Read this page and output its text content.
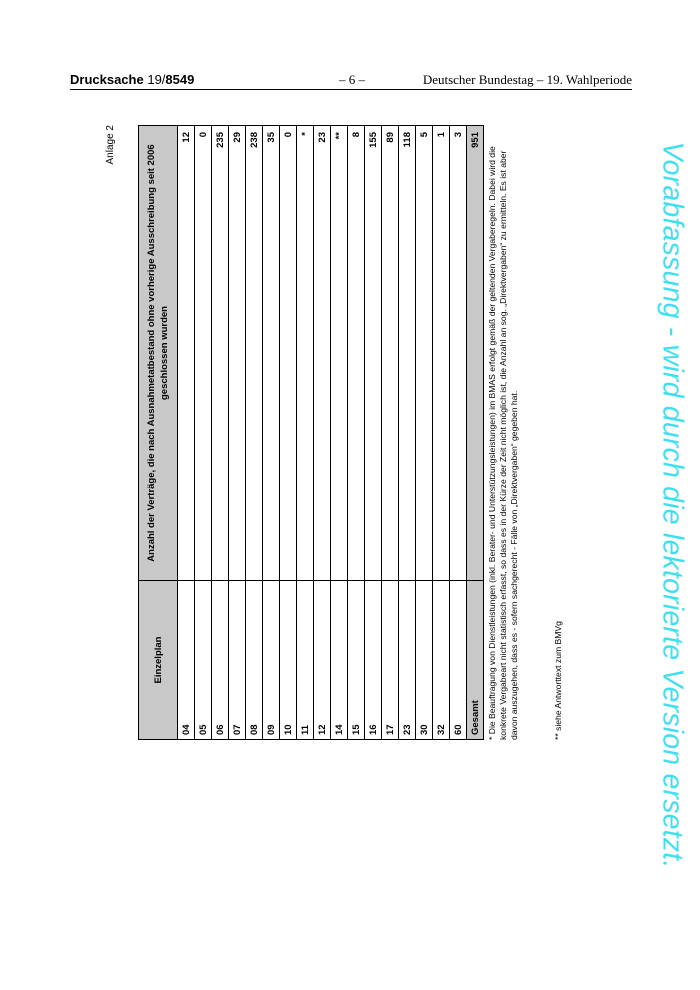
Drucksache 19/8549	– 6 –	Deutscher Bundestag – 19. Wahlperiode
Anlage 2
Einzelplan	Anzahl der Verträge, die nach Ausnahmetatbestand ohne vorherige Ausschreibung seit 2006 geschlossen wurden
04	12
05	0
06	235
07	29
08	238
09	35
10	0
11	*
12	23
14	**
15	8
16	155
17	89
23	118
30	5
32	1
60	3
Gesamt	951
* Die Beauftragung von Dienstleistungen (inkl. Berater- und Unterstützungsleistungen) im BMAS erfolgt gemäß der geltenden Vergaberegeln. Dabei wird die konkrete Vergabeart nicht statistisch erfasst, so dass es in der Kürze der Zeit nicht möglich ist, die Anzahl an sog. „Direktvergaben“ zu ermitteln. Es ist aber davon auszugehen, dass es - sofern sachgerecht - Fälle von „Direktvergaben“ gegeben hat.	** siehe Antworttext zum BMVg	Vorabfassung - wird durch die lektorierte Version ersetzt.
